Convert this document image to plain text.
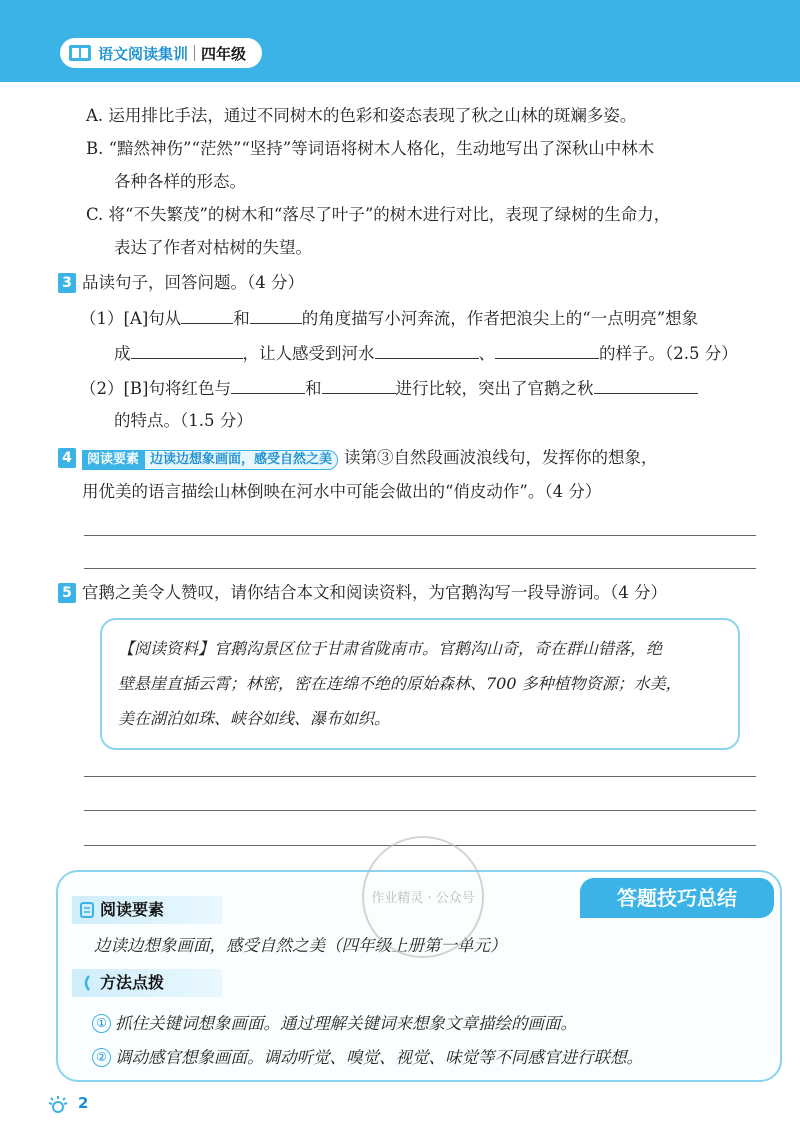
语文阅读集训 四年级
A. 运用排比手法，通过不同树木的色彩和姿态表现了秋之山林的斑斓多姿。
B. “黯然神伤”“茫然”“坚持”等词语将树木人格化，生动地写出了深秋山中林木
各种各样的形态。
C. 将“不失繁茂”的树木和“落尽了叶子”的树木进行对比，表现了绿树的生命力，
表达了作者对枯树的失望。
3 品读句子，回答问题。（4 分）
（1）[A]句从	和	的角度描写小河奔流，作者把浪尖上的“一点明亮”想象
成	，让人感受到河水	、	的样子。（2.5 分）
（2）[B]句将红色与	和	进行比较，突出了官鹅之秋
的特点。（1.5 分）
4 阅读要素 边读边想象画面，感受自然之美 读第③自然段画波浪线句，发挥你的想象，
用优美的语言描绘山林倒映在河水中可能会做出的“俏皮动作”。（4 分）
5 官鹅之美令人赞叹，请你结合本文和阅读资料，为官鹅沟写一段导游词。（4 分）
【阅读资料】官鹅沟景区位于甘肃省陇南市。官鹅沟山奇，奇在群山错落，绝
壁悬崖直插云霄；林密，密在连绵不绝的原始森林、700 多种植物资源；水美，
美在湖泊如珠、峡谷如线、瀑布如织。
答题技巧总结
阅读要素
边读边想象画面，感受自然之美（四年级上册第一单元）
方法点拨
① 抓住关键词想象画面。通过理解关键词来想象文章描绘的画面。
② 调动感官想象画面。调动听觉、嗅觉、视觉、味觉等不同感官进行联想。
作业精灵 · 公众号
2
